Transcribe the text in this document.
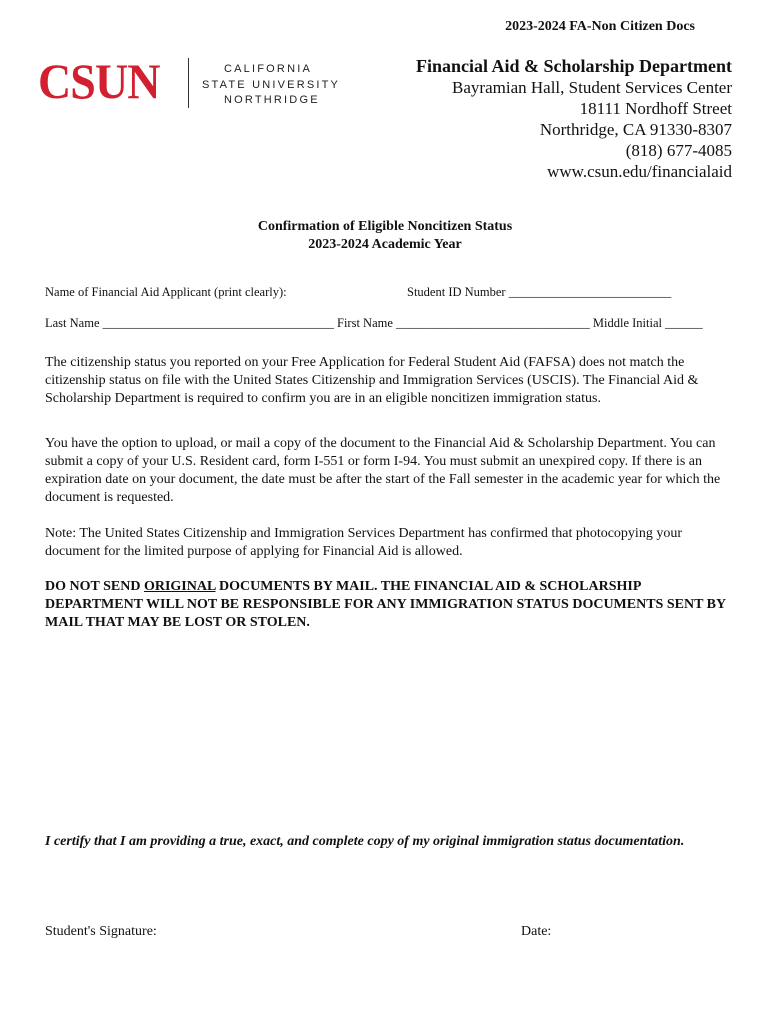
2023-2024 FA-Non Citizen Docs
CSUN	CALIFORNIA
STATE UNIVERSITY
NORTHRIDGE
Financial Aid & Scholarship Department
Bayramian Hall, Student Services Center
18111 Nordhoff Street
Northridge, CA 91330-8307
(818) 677-4085
www.csun.edu/financialaid
Confirmation of Eligible Noncitizen Status
2023-2024 Academic Year
Name of Financial Aid Applicant (print clearly):	Student ID Number __________________________
Last Name _____________________________________ First Name _______________________________ Middle Initial ______
The citizenship status you reported on your Free Application for Federal Student Aid (FAFSA) does not match the citizenship status on file with the United States Citizenship and Immigration Services (USCIS). The Financial Aid & Scholarship Department is required to confirm you are in an eligible noncitizen immigration status.
You have the option to upload, or mail a copy of the document to the Financial Aid & Scholarship Department. You can submit a copy of your U.S. Resident card, form I-551 or form I-94. You must submit an unexpired copy. If there is an expiration date on your document, the date must be after the start of the Fall semester in the academic year for which the document is requested.
Note: The United States Citizenship and Immigration Services Department has confirmed that photocopying your document for the limited purpose of applying for Financial Aid is allowed.
DO NOT SEND ORIGINAL DOCUMENTS BY MAIL. THE FINANCIAL AID & SCHOLARSHIP DEPARTMENT WILL NOT BE RESPONSIBLE FOR ANY IMMIGRATION STATUS DOCUMENTS SENT BY MAIL THAT MAY BE LOST OR STOLEN.
I certify that I am providing a true, exact, and complete copy of my original immigration status documentation.
Student's Signature:	Date:
